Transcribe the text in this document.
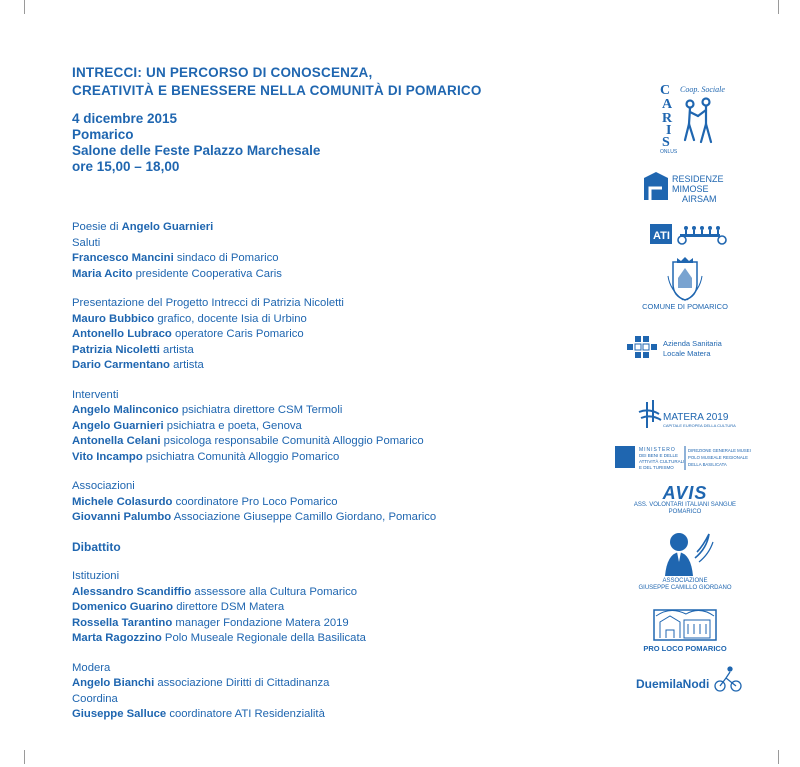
INTRECCI: UN PERCORSO DI CONOSCENZA,
CREATIVITÀ E BENESSERE NELLA COMUNITÀ DI POMARICO
4 dicembre 2015
Pomarico
Salone delle Feste Palazzo Marchesale
ore 15,00 – 18,00
Poesie di Angelo Guarnieri
Saluti
Francesco Mancini sindaco di Pomarico
Maria Acito presidente Cooperativa Caris
Presentazione del Progetto Intrecci di Patrizia Nicoletti
Mauro Bubbico grafico, docente Isia di Urbino
Antonello Lubraco operatore Caris Pomarico
Patrizia Nicoletti artista
Dario Carmentano artista
Interventi
Angelo Malinconico psichiatra direttore CSM Termoli
Angelo Guarnieri psichiatra e poeta, Genova
Antonella Celani psicologa responsabile Comunità Alloggio Pomarico
Vito Incampo psichiatra Comunità Alloggio Pomarico
Associazioni
Michele Colasurdo coordinatore Pro Loco Pomarico
Giovanni Palumbo Associazione Giuseppe Camillo Giordano, Pomarico
Dibattito
Istituzioni
Alessandro Scandiffio assessore alla Cultura Pomarico
Domenico Guarino direttore DSM Matera
Rossella Tarantino manager Fondazione Matera 2019
Marta Ragozzino Polo Museale Regionale della Basilicata
Modera
Angelo Bianchi associazione Diritti di Cittadinanza
Coordina
Giuseppe Salluce coordinatore ATI Residenzialità
Coop. Sociale
C
A
R
I
S
ONLUS
RESIDENZE
MIMOSE
AIRSAM
ATI
COMUNE DI POMARICO
Azienda Sanitaria
Locale Matera
MATERA 2019
CAPITALE EUROPEA DELLA CULTURA
MINISTERO
DEI BENI E DELLE
ATTIVITÀ CULTURALI
E DEL TURISMO
DIREZIONE GENERALE MUSEI
POLO MUSEALE REGIONALE
DELLA BASILICATA
AVIS
ASS. VOLONTARI ITALIANI SANGUE
POMARICO
ASSOCIAZIONE
GIUSEPPE CAMILLO GIORDANO
PRO LOCO POMARICO
DuemilaNodi
